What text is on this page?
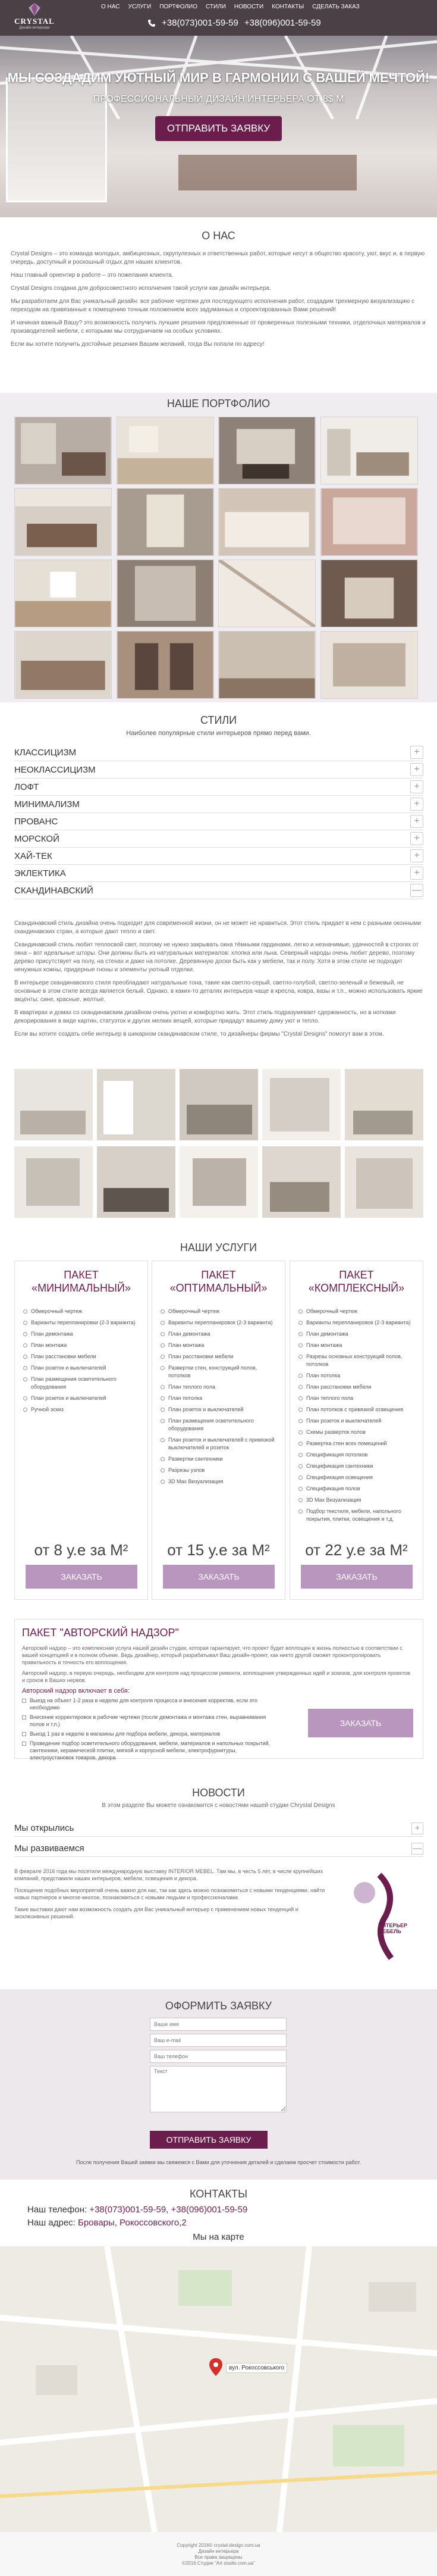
CRYSTAL
Дизайн интерьера
О НАС УСЛУГИ ПОРТФОЛИО СТИЛИ НОВОСТИ КОНТАКТЫ СДЕЛАТЬ ЗАКАЗ
+38(073)001-59-59 +38(096)001-59-59
МЫ СОЗДАДИМ УЮТНЫЙ МИР В ГАРМОНИИ С ВАШЕЙ МЕЧТОЙ!
ПРОФЕССИОНАЛЬНЫЙ ДИЗАЙН ИНТЕРЬЕРА ОТ 8$ М
ОТПРАВИТЬ ЗАЯВКУ
О НАС

Crystal Designs – это команда молодых, амбициозных, скрупулезных и ответственных работ, которые несут в общество красоту, уют, вкус и, в первую очередь, доступный и роскошный отдых для наших клиентов.

Наш главный ориентир в работе – это пожелания клиента.

Crystal Designs создана для добросовестного исполнения такой услуги как дизайн интерьера.

Мы разработаем для Вас уникальный дизайн: все рабочие чертежи для последующего исполнения работ, создадим трехмерную визуализацию с переходом на привязанные к помещению точным положением всех задуманных и спроектированных Вами решений!

И начиная важный Вашу? это возможность получить лучшие решения предложенные от проверенных полезными техники, отделочных материалов и производителей мебели, с которыми мы сотрудничаем на особых условиях.

Если вы хотите получить достойные решения Вашим желаний, тогда Вы попали по адресу!

НАШЕ ПОРТФОЛИО
СТИЛИ
Наиболее популярные стили интерьеров прямо перед вами.
КЛАССИЦИЗМ	+
НЕОКЛАССИЦИЗМ	+
ЛОФТ	+
МИНИМАЛИЗМ	+
ПРОВАНС	+
МОРСКОЙ	+
ХАЙ-ТЕК	+
ЭКЛЕКТИКА	+
СКАНДИНАВСКИЙ	—

Скандинавский стиль дизайна очень подходит для современной жизни, он не может не нравиться. Этот стиль придает в нем с разными оконными скандинавских стран, а которые дают тепло и свет.

Скандинавский стиль любит теплосвой свет, поэтому не нужно закрывать окна тёмными гардинами, легко и незначимые, удачностей в строгих от окна – вот идеальные шторы. Они должны быть из натуральных материалов: хлопка или льна. Северный народы очень любит дерево, поэтому дерево присутствует на полу, на стенах и даже на потолке. Деревянную доски быть как у мебели, так и полу. Хотя в этом стиле не подходит ненужных кожны, придерные гноны и элементы уютный отделки.

В интерьере скандинавского стиля преобладают натуральные тона, такие как светло-серый, светло-голубой, светло-зеленый и бежевый, не основные в этом стиле всегда является белый. Однако, в каких-то деталях интерьера чаще в кресла, ковра, вазы и т.п., можно использовать яркие акценты: сине, красные, желтые.

В квартирах и домах со скандинавским дизайном очень уютно и комфортно жить. Этот стиль подразумевает сдержанность, но в нотками декорирования в виде картин, статуэток и других мелких вещей, которые придадут вашему дому уют и тепло.

Если вы хотите создать себе интерьер в шикарном скандинавском стиле, то дизайнеры фирмы "Crystal Designs" помогут вам в этом.

НАШИ УСЛУГИ
ПАКЕТ «МИНИМАЛЬНЫЙ»
Обмерочный чертеж
Варианты перепланировки (2-3 варианта)
План демонтажа
План монтажа
План расстановки мебели
План розеток и выключателей
План размещения осветительного оборудования
План розеток и выключателей
Ручной эскиз
от 8 у.е за М²
ЗАКАЗАТЬ
ПАКЕТ «ОПТИМАЛЬНЫЙ»
Обмерочный чертеж
Варианты перепланировок (2-3 варианта)
План демонтажа
План монтажа
План расстановки мебели
Развертки стен, конструкций полов, потолков
План теплого пола
План потолка
План розеток и выключателей
План размещения осветительного оборудования
План розеток и выключателей с привязкой выключателей и розеток
Развертки сантехники
Разрезы узлов
3D Max Визуализация
от 15 у.е за М²
ЗАКАЗАТЬ
ПАКЕТ «КОМПЛЕКСНЫЙ»
Обмерочный чертеж
Варианты перепланировок (2-3 варианта)
План демонтажа
План монтажа
Разрезы основных конструкций полов, потолков
План потолка
План расстановки мебели
План теплого пола
План потолков с привязкой освещения
План розеток и выключателей
Схемы разверток полов
Развертка стен всех помещений
Спецификация потолков
Спецификация сантехники
Спецификация освещения
Спецификация полов
3D Max Визуализация
Подбор текстиля, мебели, напольного покрытия, плитки, освещения и т.д.
от 22 у.е за М²
ЗАКАЗАТЬ
ПАКЕТ "АВТОРСКИЙ НАДЗОР"

Авторский надзор – это комплексная услуга нашей дизайн студии, которая гарантирует, что проект будет воплощен в жизнь полностью в соответствии с вашей концепцией и в полном объеме. Ведь дизайнер, который разрабатывал Ваш дизайн-проект, как никто другой сможет проконтролировать правильность и точность его воплощения.

Авторский надзор, в первую очередь, необходим для контроля над процессом ремонта, воплощения утвержденных идей и эскизов, для контроля проектов и сроков в Ваших нервов.

Авторский надзор включает в себя:

Выезд на объект 1-2 раза в неделю для контроля процесса и внесения корректив, если это необходимо
Внесение корректировок в рабочие чертежи (после демонтажа и монтажа стен, выравнивания полов и т.п.)
Выезд 1 раз в неделю в магазины для подбора мебели, декора, материалов
Проведение подбор осветительного оборудования, мебели, материалов и напольных покрытий, сантехники, керамической плитки, мягкой и корпусной мебели, электрофурнитуры, электроустановок товаров, декора
ЗАКАЗАТЬ
НОВОСТИ
В этом разделе Вы можете ознакомится с новостями нашей студии Chrystal Designs
Мы открылись	+
Мы развиваемся	—

В феврале 2016 года мы посетили международную выставку INTERIOR MEBEL. Там мы, в честь 5 лет, в числе крупнейших компаний, представили наших интерьеров, мебели, освещения и декора.

Посещение подобных мероприятий очень важно для нас, так как здесь можно познакомиться с новыми тенденциями, найти новых партнеров и многое-многое, познакомиться с новыми людьми и профессионалами.

Такие выставки дают нам возможность создать для Вас уникальный интерьер с применением новых тенденций и эксклюзивных решений.

ИНТЕРЬЕР МЕБЕЛЬ
ОФОРМИТЬ ЗАЯВКУ
Ваше имя
Ваш e-mail
Ваш телефон
Текст
ОТПРАВИТЬ ЗАЯВКУ
После получения Вашей заявки мы свяжемся с Вами для уточнения деталей и сделаем просчет стоимости работ.
КОНТАКТЫ
Наш телефон: +38(073)001-59-59, +38(096)001-59-59
Наш адрес: Бровары, Рокоссовского,2
Мы на карте
вул. Рокоссовського
Copyright 2016© crystal-design.com.ua
Дизайн интерьера
Все права защищены
©2016 Студия "Art studio.com.ua"
